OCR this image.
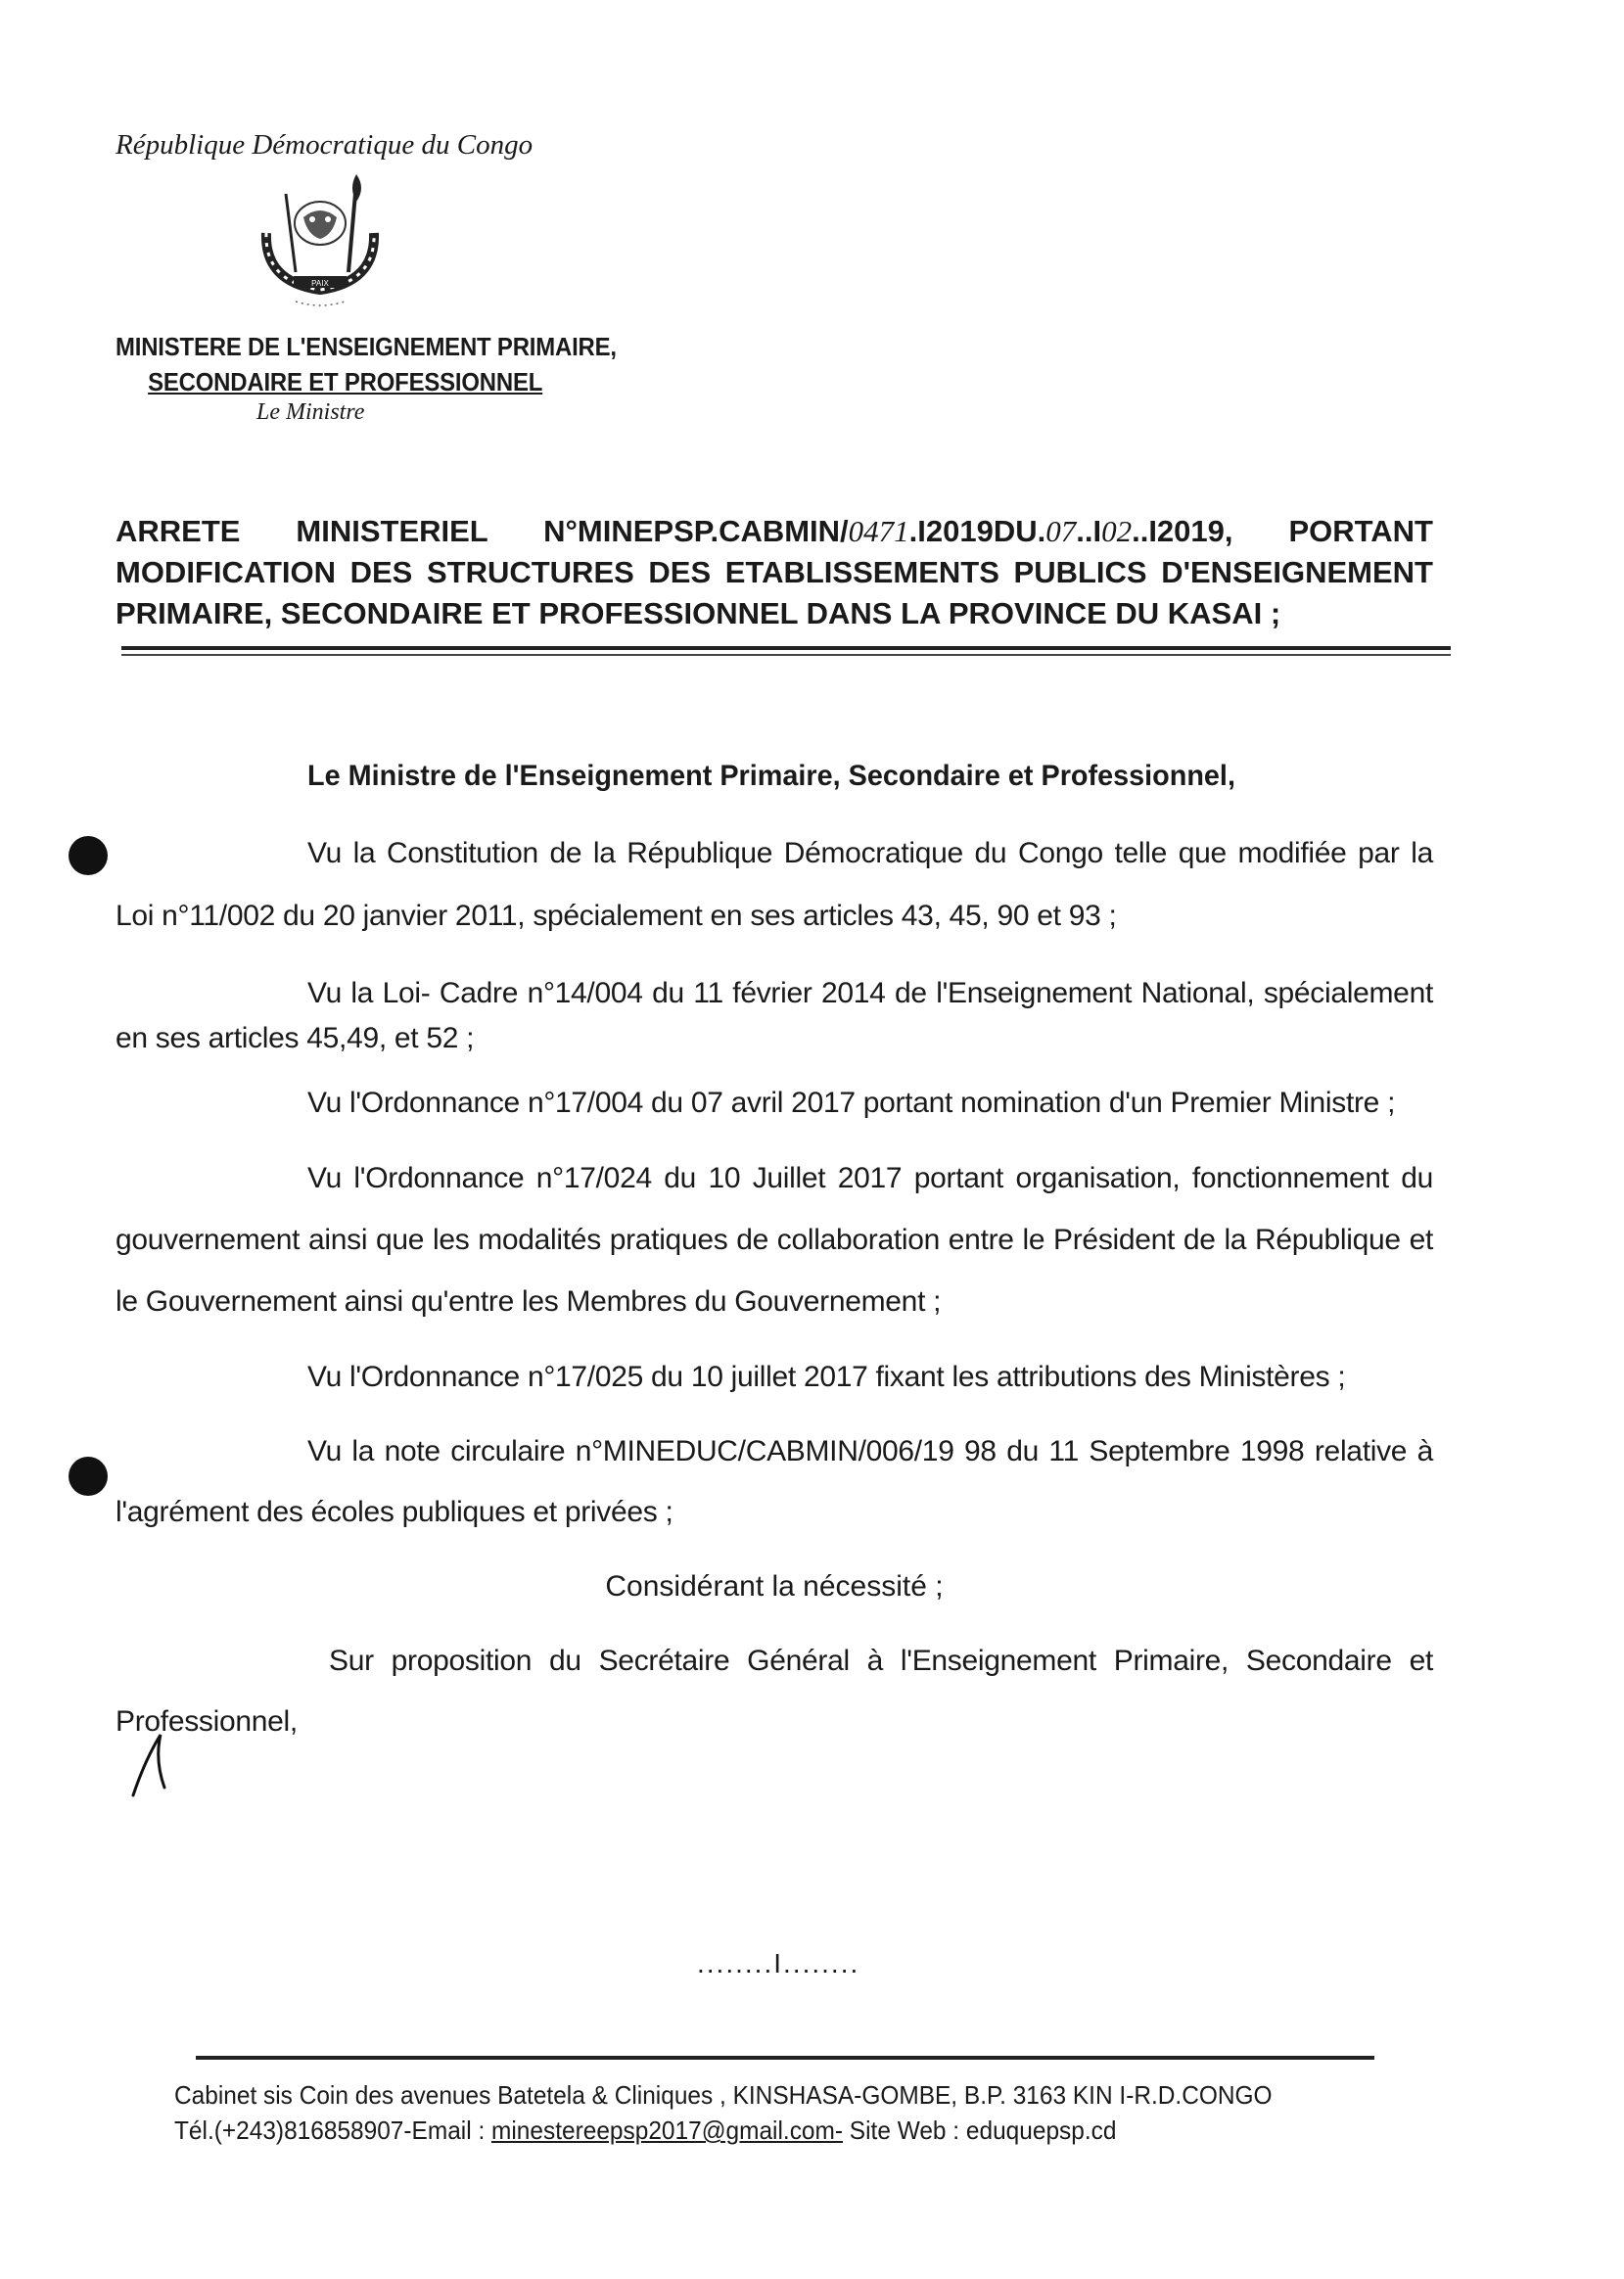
République Démocratique du Congo
PAIX
MINISTERE DE L'ENSEIGNEMENT PRIMAIRE,
SECONDAIRE ET PROFESSIONNEL
Le Ministre
ARRETE MINISTERIEL N°MINEPSP.CABMIN/0471.I2019DU.07..I02..I2019, PORTANT
MODIFICATION DES STRUCTURES DES ETABLISSEMENTS PUBLICS D'ENSEIGNEMENT
PRIMAIRE, SECONDAIRE ET PROFESSIONNEL DANS LA PROVINCE DU KASAI ;
Le Ministre de l'Enseignement Primaire, Secondaire et Professionnel,
Vu la Constitution de la République Démocratique du Congo telle que modifiée par la Loi n°11/002 du 20 janvier 2011, spécialement en ses articles 43, 45, 90 et 93 ;
Vu la Loi- Cadre n°14/004 du 11 février 2014 de l'Enseignement National, spécialement en ses articles 45,49, et 52 ;
Vu l'Ordonnance n°17/004 du 07 avril 2017 portant nomination d'un Premier Ministre ;
Vu l'Ordonnance n°17/024 du 10 Juillet 2017 portant organisation, fonctionnement du gouvernement ainsi que les modalités pratiques de collaboration entre le Président de la République et le Gouvernement ainsi qu'entre les Membres du Gouvernement ;
Vu l'Ordonnance n°17/025 du 10 juillet 2017 fixant les attributions des Ministères ;
Vu la note circulaire n°MINEDUC/CABMIN/006/19 98 du 11 Septembre 1998 relative à l'agrément des écoles publiques et privées ;
Considérant la nécessité ;
Sur proposition du Secrétaire Général à l'Enseignement Primaire, Secondaire et Professionnel,
........I........
Cabinet sis Coin des avenues Batetela & Cliniques , KINSHASA-GOMBE, B.P. 3163 KIN I-R.D.CONGO
Tél.(+243)816858907-Email : minestereepsp2017@gmail.com- Site Web : eduquepsp.cd
